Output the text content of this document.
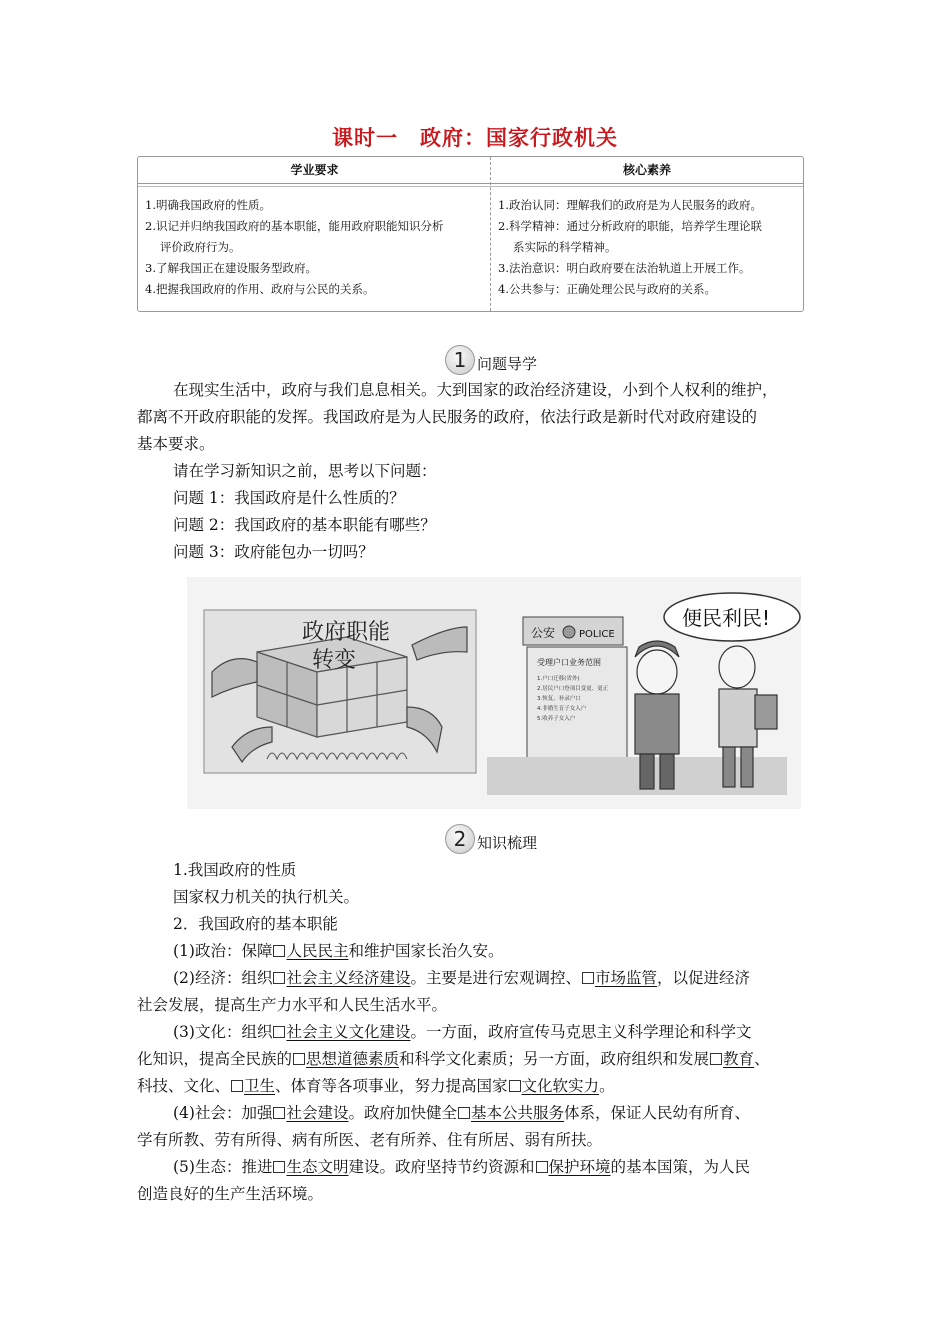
课时一　政府：国家行政机关
学业要求	核心素养
1.明确我国政府的性质。
2.识记并归纳我国政府的基本职能，能用政府职能知识分析
评价政府行为。
3.了解我国正在建设服务型政府。
4.把握我国政府的作用、政府与公民的关系。
1.政治认同：理解我们的政府是为人民服务的政府。
2.科学精神：通过分析政府的职能，培养学生理论联
系实际的科学精神。
3.法治意识：明白政府要在法治轨道上开展工作。
4.公共参与：正确处理公民与政府的关系。
1 问题导学
在现实生活中，政府与我们息息相关。大到国家的政治经济建设，小到个人权利的维护，
都离不开政府职能的发挥。我国政府是为人民服务的政府，依法行政是新时代对政府建设的
基本要求。
请在学习新知识之前，思考以下问题：
问题 1：我国政府是什么性质的？
问题 2：我国政府的基本职能有哪些？
问题 3：政府能包办一切吗？
政府职能
转变
公安 POLICE
受理户口业务范围
1.户口迁移(省外)
2.居民户口登项目变更、更正
3.恢复、补录户口
4.非婚生育子女入户
5.收养子女入户
便民利民!
2 知识梳理
1.我国政府的性质
国家权力机关的执行机关。
2．我国政府的基本职能
(1)政治：保障 人民民主和维护国家长治久安。
(2)经济：组织 社会主义经济建设。主要是进行宏观调控、 市场监管，以促进经济
社会发展，提高生产力水平和人民生活水平。
(3)文化：组织 社会主义文化建设。一方面，政府宣传马克思主义科学理论和科学文
化知识，提高全民族的 思想道德素质和科学文化素质；另一方面，政府组织和发展 教育、
科技、文化、 卫生、体育等各项事业，努力提高国家 文化软实力。
(4)社会：加强 社会建设。政府加快健全 基本公共服务体系，保证人民幼有所育、
学有所教、劳有所得、病有所医、老有所养、住有所居、弱有所扶。
(5)生态：推进 生态文明建设。政府坚持节约资源和 保护环境的基本国策，为人民
创造良好的生产生活环境。
